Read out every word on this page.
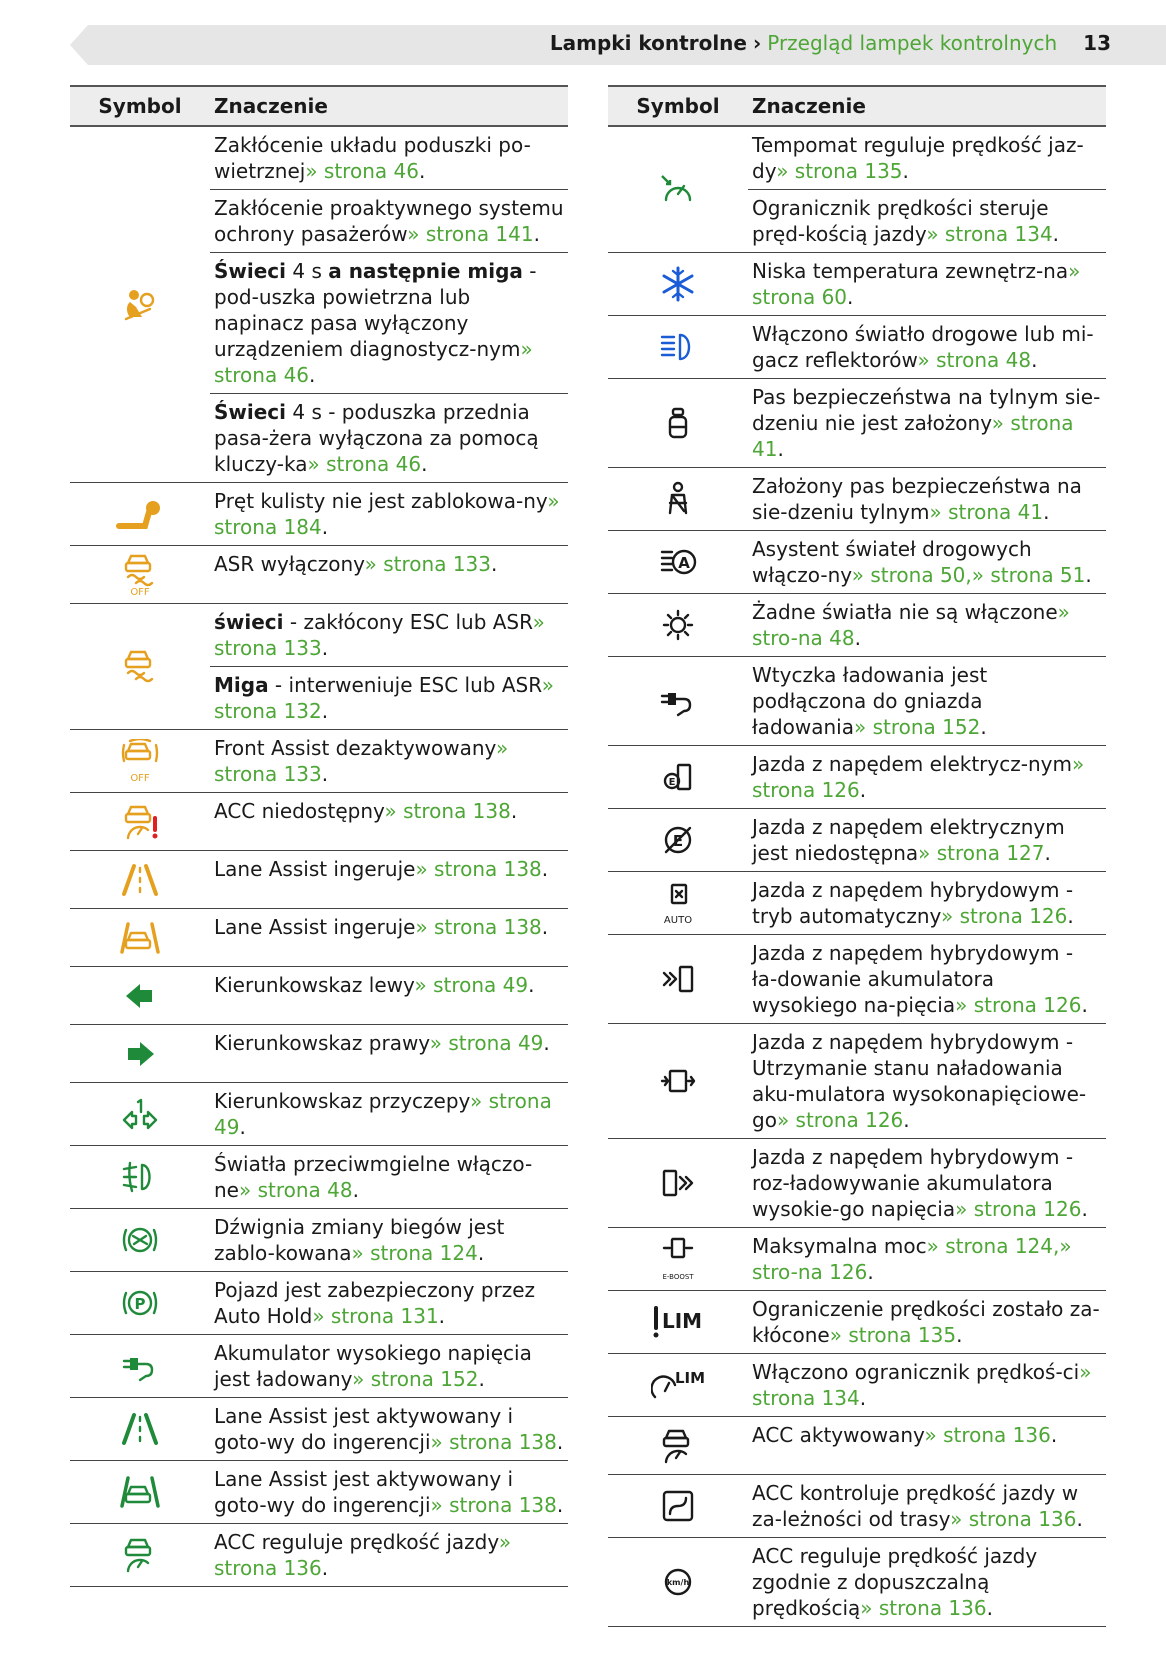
Lampki kontrolne › Przegląd lampek kontrolnych 13
Symbol	Znaczenie
Zakłócenie układu poduszki po-wietrznej» strona 46.
Zakłócenie proaktywnego systemu ochrony pasażerów» strona 141.
Świeci 4 s a następnie miga - pod-uszka powietrzna lub napinacz pasa wyłączony urządzeniem diagnostycz-nym» strona 46.
Świeci 4 s - poduszka przednia pasa-żera wyłączona za pomocą kluczy-ka» strona 46.
Pręt kulisty nie jest zablokowa-ny» strona 184.
OFF
ASR wyłączony» strona 133.
świeci - zakłócony ESC lub ASR» strona 133.
Miga - interweniuje ESC lub ASR» strona 132.
OFF
Front Assist dezaktywowany» strona 133.
ACC niedostępny» strona 138.
Lane Assist ingeruje» strona 138.
Lane Assist ingeruje» strona 138.
Kierunkowskaz lewy» strona 49.
Kierunkowskaz prawy» strona 49.
Kierunkowskaz przyczepy» strona 49.
Światła przeciwmgielne włączo-ne» strona 48.
Dźwignia zmiany biegów jest zablo-kowana» strona 124.
P
Pojazd jest zabezpieczony przez Auto Hold» strona 131.
Akumulator wysokiego napięcia jest ładowany» strona 152.
Lane Assist jest aktywowany i goto-wy do ingerencji» strona 138.
Lane Assist jest aktywowany i goto-wy do ingerencji» strona 138.
ACC reguluje prędkość jazdy» strona 136.
Symbol	Znaczenie
Tempomat reguluje prędkość jaz-dy» strona 135.
Ogranicznik prędkości steruje pręd-kością jazdy» strona 134.
Niska temperatura zewnętrz-na» strona 60.
Włączono światło drogowe lub mi-gacz reflektorów» strona 48.
Pas bezpieczeństwa na tylnym sie-dzeniu nie jest założony» strona 41.
Założony pas bezpieczeństwa na sie-dzeniu tylnym» strona 41.
A
Asystent świateł drogowych włączo-ny» strona 50,» strona 51.
Żadne światła nie są włączone» stro-na 48.
Wtyczka ładowania jest podłączona do gniazda ładowania» strona 152.
E
Jazda z napędem elektrycz-nym» strona 126.
E
Jazda z napędem elektrycznym jest niedostępna» strona 127.
AUTO
Jazda z napędem hybrydowym - tryb automatyczny» strona 126.
Jazda z napędem hybrydowym - ła-dowanie akumulatora wysokiego na-pięcia» strona 126.
Jazda z napędem hybrydowym - Utrzymanie stanu naładowania aku-mulatora wysokonapięciowe-go» strona 126.
Jazda z napędem hybrydowym - roz-ładowywanie akumulatora wysokie-go napięcia» strona 126.
E-BOOST
Maksymalna moc» strona 124,» stro-na 126.
LIM Ograniczenie prędkości zostało za-kłócone» strona 135.
LIM Włączono ogranicznik prędkoś-ci» strona 134.
ACC aktywowany» strona 136.
ACC kontroluje prędkość jazdy w za-leżności od trasy» strona 136.
km/h
ACC reguluje prędkość jazdy zgodnie z dopuszczalną prędkością» strona 136.
